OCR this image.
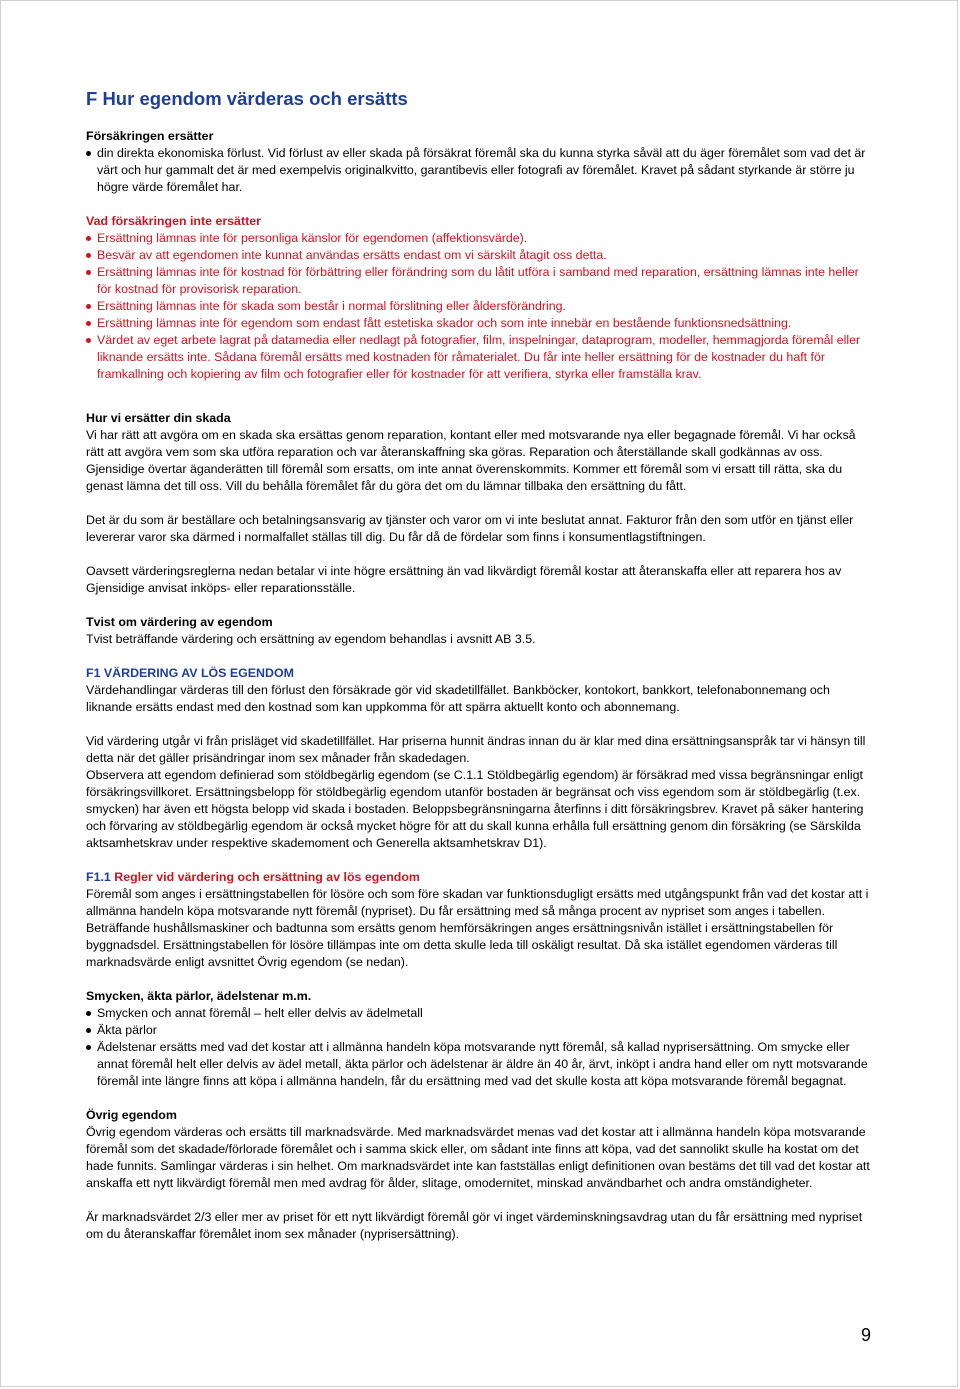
F Hur egendom värderas och ersätts

Försäkringen ersätter

din direkta ekonomiska förlust. Vid förlust av eller skada på försäkrat föremål ska du kunna styrka såväl att du äger föremålet som vad det är värt och hur gammalt det är med exempelvis originalkvitto, garantibevis eller fotografi av föremålet. Kravet på sådant styrkande är större ju högre värde föremålet har.

Vad försäkringen inte ersätter

Ersättning lämnas inte för personliga känslor för egendomen (affektionsvärde).
Besvär av att egendomen inte kunnat användas ersätts endast om vi särskilt åtagit oss detta.
Ersättning lämnas inte för kostnad för förbättring eller förändring som du låtit utföra i samband med reparation, ersättning lämnas inte heller för kostnad för provisorisk reparation.
Ersättning lämnas inte för skada som består i normal förslitning eller åldersförändring.
Ersättning lämnas inte för egendom som endast fått estetiska skador och som inte innebär en bestående funktionsnedsättning.
Värdet av eget arbete lagrat på datamedia eller nedlagt på fotografier, film, inspelningar, dataprogram, modeller, hemmagjorda föremål eller liknande ersätts inte. Sådana föremål ersätts med kostnaden för råmaterialet. Du får inte heller ersättning för de kostnader du haft för framkallning och kopiering av film och fotografier eller för kostnader för att verifiera, styrka eller framställa krav.

Hur vi ersätter din skada

Vi har rätt att avgöra om en skada ska ersättas genom reparation, kontant eller med motsvarande nya eller begagnade föremål. Vi har också rätt att avgöra vem som ska utföra reparation och var återanskaffning ska göras. Reparation och återställande skall godkännas av oss. Gjensidige övertar äganderätten till föremål som ersatts, om inte annat överenskommits. Kommer ett föremål som vi ersatt till rätta, ska du genast lämna det till oss. Vill du behålla föremålet får du göra det om du lämnar tillbaka den ersättning du fått.

Det är du som är beställare och betalningsansvarig av tjänster och varor om vi inte beslutat annat. Fakturor från den som utför en tjänst eller levererar varor ska därmed i normalfallet ställas till dig. Du får då de fördelar som finns i konsumentlagstiftningen.

Oavsett värderingsreglerna nedan betalar vi inte högre ersättning än vad likvärdigt föremål kostar att återanskaffa eller att reparera hos av Gjensidige anvisat inköps- eller reparationsställe.

Tvist om värdering av egendom

Tvist beträffande värdering och ersättning av egendom behandlas i avsnitt AB 3.5.

F1 VÄRDERING AV LÖS EGENDOM

Värdehandlingar värderas till den förlust den försäkrade gör vid skadetillfället. Bankböcker, kontokort, bankkort, telefonabonnemang och liknande ersätts endast med den kostnad som kan uppkomma för att spärra aktuellt konto och abonnemang.

Vid värdering utgår vi från prisläget vid skadetillfället. Har priserna hunnit ändras innan du är klar med dina ersättningsanspråk tar vi hänsyn till detta när det gäller prisändringar inom sex månader från skadedagen.

Observera att egendom definierad som stöldbegärlig egendom (se C.1.1 Stöldbegärlig egendom) är försäkrad med vissa begränsningar enligt försäkringsvillkoret. Ersättningsbelopp för stöldbegärlig egendom utanför bostaden är begränsat och viss egendom som är stöldbegärlig (t.ex. smycken) har även ett högsta belopp vid skada i bostaden. Beloppsbegränsningarna återfinns i ditt försäkringsbrev. Kravet på säker hantering och förvaring av stöldbegärlig egendom är också mycket högre för att du skall kunna erhålla full ersättning genom din försäkring (se Särskilda aktsamhetskrav under respektive skademoment och Generella aktsamhetskrav D1).

F1.1 Regler vid värdering och ersättning av lös egendom

Föremål som anges i ersättningstabellen för lösöre och som före skadan var funktionsdugligt ersätts med utgångspunkt från vad det kostar att i allmänna handeln köpa motsvarande nytt föremål (nypriset). Du får ersättning med så många procent av nypriset som anges i tabellen. Beträffande hushållsmaskiner och badtunna som ersätts genom hemförsäkringen anges ersättningsnivån istället i ersättningstabellen för byggnadsdel. Ersättningstabellen för lösöre tillämpas inte om detta skulle leda till oskäligt resultat. Då ska istället egendomen värderas till marknadsvärde enligt avsnittet Övrig egendom (se nedan).

Smycken, äkta pärlor, ädelstenar m.m.

Smycken och annat föremål – helt eller delvis av ädelmetall
Äkta pärlor
Ädelstenar ersätts med vad det kostar att i allmänna handeln köpa motsvarande nytt föremål, så kallad nyprisersättning. Om smycke eller annat föremål helt eller delvis av ädel metall, äkta pärlor och ädelstenar är äldre än 40 år, ärvt, inköpt i andra hand eller om nytt motsvarande föremål inte längre finns att köpa i allmänna handeln, får du ersättning med vad det skulle kosta att köpa motsvarande föremål begagnat.

Övrig egendom

Övrig egendom värderas och ersätts till marknadsvärde. Med marknadsvärdet menas vad det kostar att i allmänna handeln köpa motsvarande föremål som det skadade/förlorade föremålet och i samma skick eller, om sådant inte finns att köpa, vad det sannolikt skulle ha kostat om det hade funnits. Samlingar värderas i sin helhet. Om marknadsvärdet inte kan fastställas enligt definitionen ovan bestäms det till vad det kostar att anskaffa ett nytt likvärdigt föremål men med avdrag för ålder, slitage, omodernitet, minskad användbarhet och andra omständigheter.

Är marknadsvärdet 2/3 eller mer av priset för ett nytt likvärdigt föremål gör vi inget värdeminskningsavdrag utan du får ersättning med nypriset om du återanskaffar föremålet inom sex månader (nyprisersättning).

9
